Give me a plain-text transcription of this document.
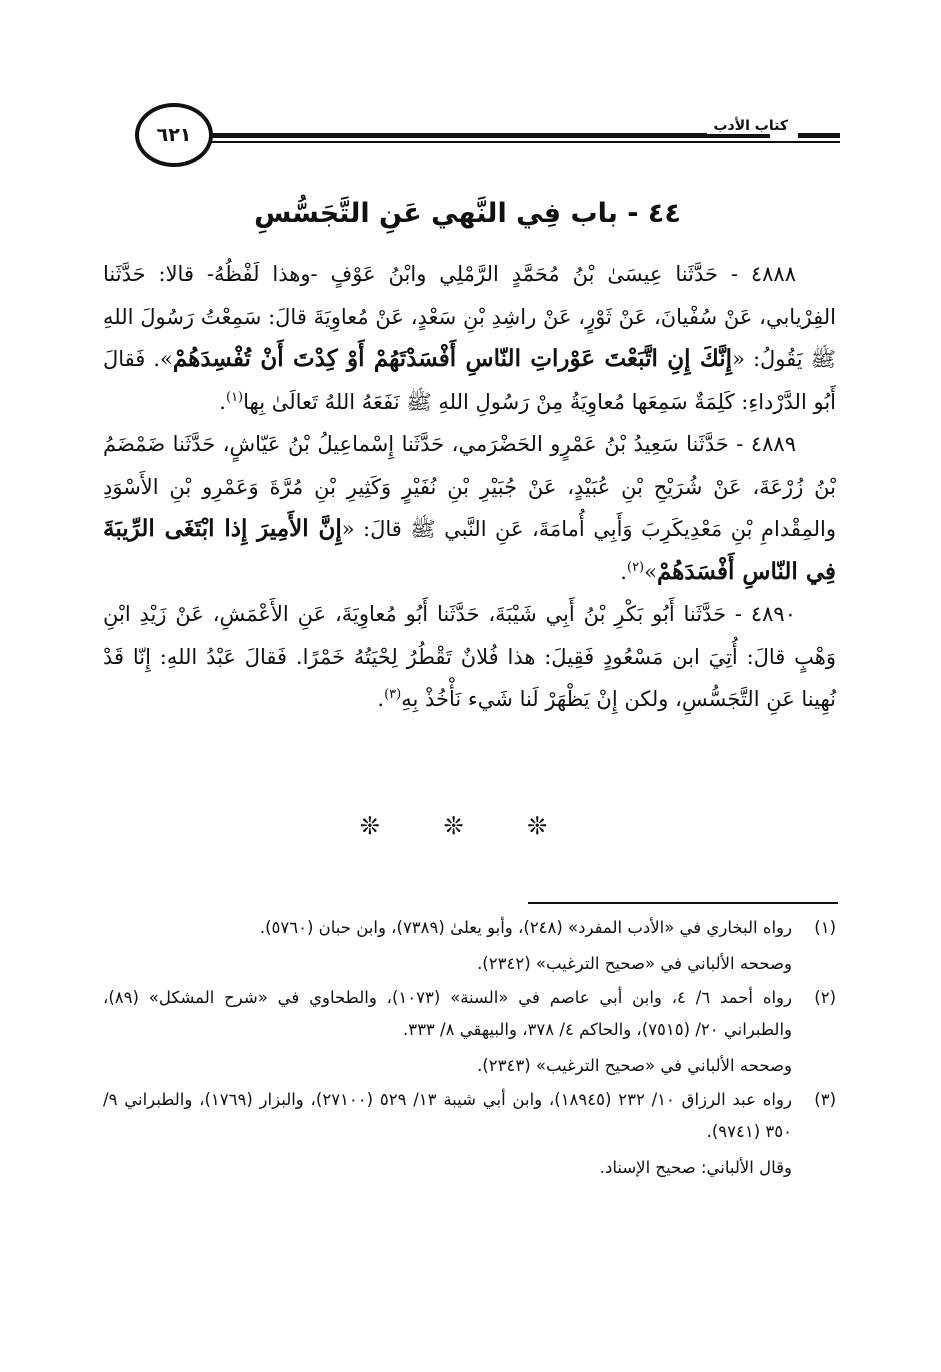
كتاب الأدب
٦٢١
٤٤ - باب فِي النَّهي عَنِ التَّجَسُّسِ

٤٨٨٨ - حَدَّثَنا عِيسَىٰ بْنُ مُحَمَّدٍ الرَّمْلِي وابْنُ عَوْفٍ -وهذا لَفْظُهُ- قالا: حَدَّثَنا الفِرْيابي، عَنْ سُفْيانَ، عَنْ ثَوْرٍ، عَنْ راشِدِ بْنِ سَعْدٍ، عَنْ مُعاوِيَةَ قالَ: سَمِعْتُ رَسُولَ اللهِ ﷺ يَقُولُ: «إِنَّكَ إِنِ اتَّبَعْتَ عَوْراتِ النّاسِ أَفْسَدْتَهُمْ أَوْ كِدْتَ أَنْ تُفْسِدَهُمْ». فَقالَ أَبُو الدَّرْداءِ: كَلِمَةٌ سَمِعَها مُعاوِيَةُ مِنْ رَسُولِ اللهِ ﷺ نَفَعَهُ اللهُ تَعالَىٰ بِها$^{(١)}$.

٤٨٨٩ - حَدَّثَنا سَعِيدُ بْنُ عَمْرٍو الحَضْرَمي، حَدَّثَنا إِسْماعِيلُ بْنُ عَيّاشٍ، حَدَّثَنا ضَمْضَمُ بْنُ زُرْعَةَ، عَنْ شُرَيْحِ بْنِ عُبَيْدٍ، عَنْ جُبَيْرِ بْنِ نُفَيْرٍ وَكَثِيرِ بْنِ مُرَّةَ وَعَمْرِو بْنِ الأَسْوَدِ والمِقْدامِ بْنِ مَعْدِيكَرِبَ وَأَبِي أُمامَةَ، عَنِ النَّبي ﷺ قالَ: «إِنَّ الأَمِيرَ إِذا ابْتَغَى الرِّيبَةَ فِي النّاسِ أَفْسَدَهُمْ»$^{(٢)}$.

٤٨٩٠ - حَدَّثَنا أَبُو بَكْرِ بْنُ أَبِي شَيْبَةَ، حَدَّثَنا أَبُو مُعاوِيَةَ، عَنِ الأَعْمَشِ، عَنْ زَيْدِ ابْنِ وَهْبٍ قالَ: أُتِيَ ابن مَسْعُودٍ فَقِيلَ: هذا فُلانٌ تَقْطُرُ لِحْيَتُهُ خَمْرًا. فَقالَ عَبْدُ اللهِ: إِنّا قَدْ نُهِينا عَنِ التَّجَسُّسِ، ولكن إِنْ يَظْهَرْ لَنا شَيء نَأْخُذْ بِهِ$^{(٣)}$.

❊ ❊ ❊
(١)
رواه البخاري في «الأدب المفرد» (٢٤٨)، وأبو يعلىٰ (٧٣٨٩)، وابن حبان (٥٧٦٠).
وصححه الألباني في «صحيح الترغيب» (٢٣٤٢).
(٢)
رواه أحمد ٦/ ٤، وابن أبي عاصم في «السنة» (١٠٧٣)، والطحاوي في «شرح المشكل» (٨٩)، والطبراني ٢٠/ (٧٥١٥)، والحاكم ٤/ ٣٧٨، والبيهقي ٨/ ٣٣٣.
وصححه الألباني في «صحيح الترغيب» (٢٣٤٣).
(٣)
رواه عبد الرزاق ١٠/ ٢٣٢ (١٨٩٤٥)، وابن أبي شيبة ١٣/ ٥٢٩ (٢٧١٠٠)، والبزار (١٧٦٩)، والطبراني ٩/ ٣٥٠ (٩٧٤١).
وقال الألباني: صحيح الإسناد.
